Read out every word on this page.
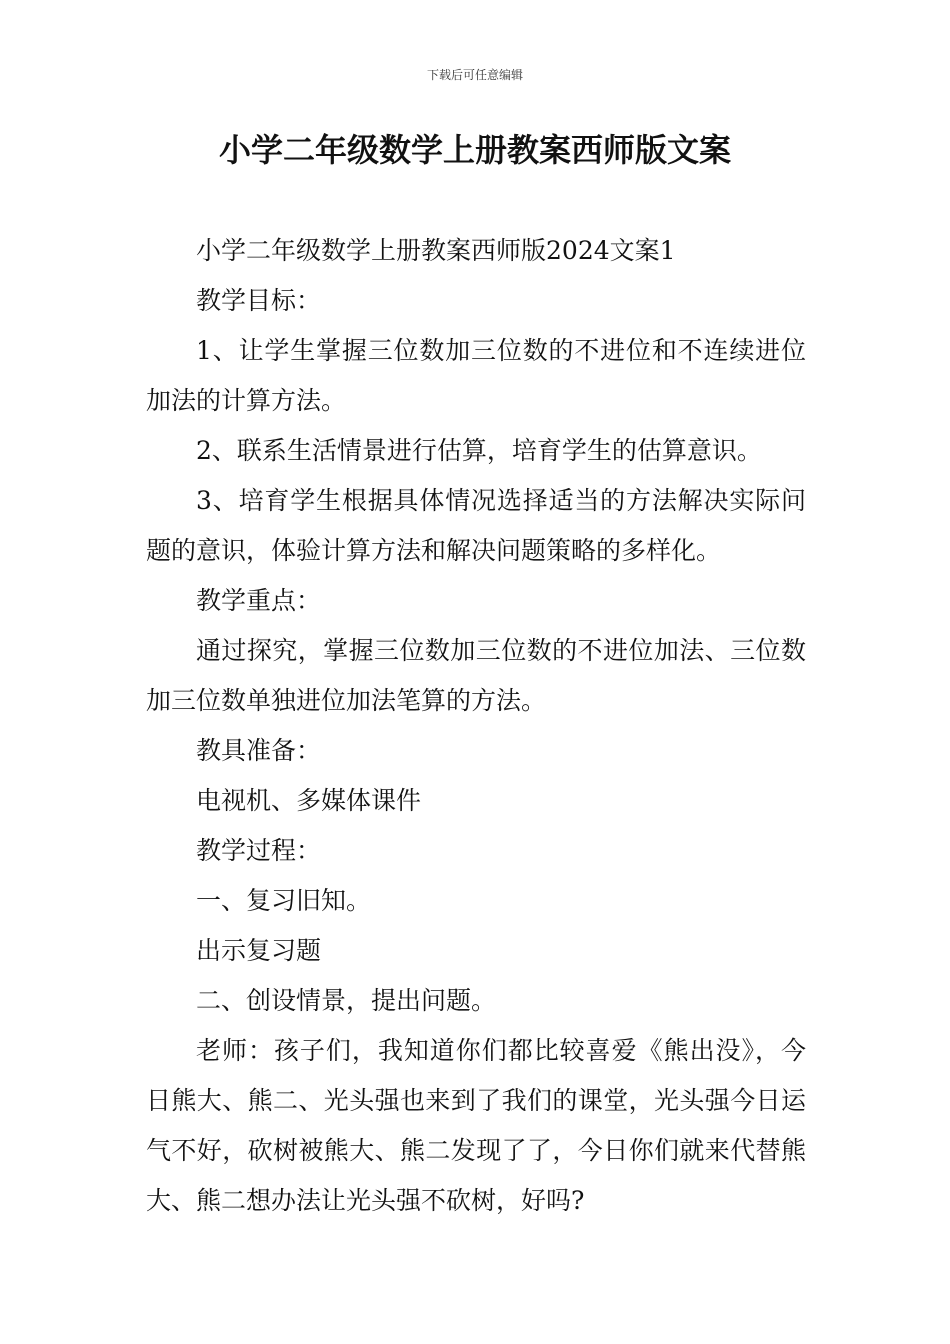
下载后可任意编辑
小学二年级数学上册教案西师版文案

小学二年级数学上册教案西师版2024文案1

教学目标：

1、让学生掌握三位数加三位数的不进位和不连续进位加法的计算方法。

2、联系生活情景进行估算，培育学生的估算意识。

3、培育学生根据具体情况选择适当的方法解决实际问题的意识，体验计算方法和解决问题策略的多样化。

教学重点：

通过探究，掌握三位数加三位数的不进位加法、三位数加三位数单独进位加法笔算的方法。

教具准备：

电视机、多媒体课件

教学过程：

一、复习旧知。

出示复习题

二、创设情景，提出问题。

老师：孩子们，我知道你们都比较喜爱《熊出没》，今日熊大、熊二、光头强也来到了我们的课堂，光头强今日运气不好，砍树被熊大、熊二发现了了，今日你们就来代替熊大、熊二想办法让光头强不砍树，好吗?
